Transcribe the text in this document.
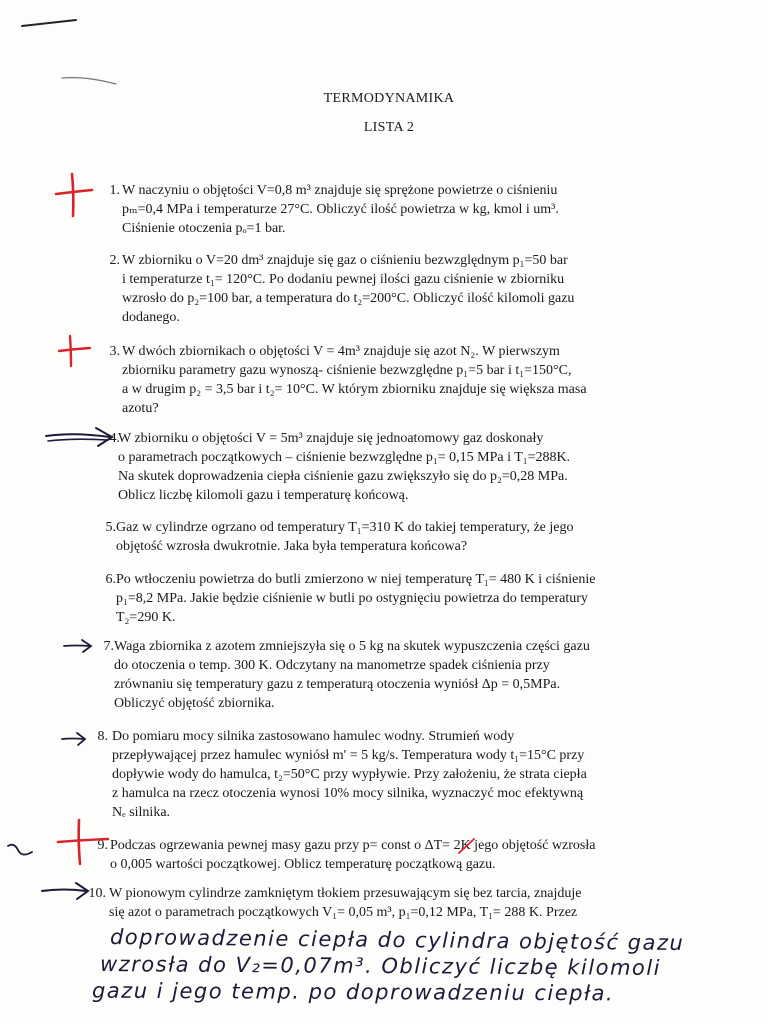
TERMODYNAMIKA
LISTA 2
1. W naczyniu o objętości V=0,8 m³ znajduje się sprężone powietrze o ciśnieniu
pₘ=0,4 MPa i temperaturze 27°C. Obliczyć ilość powietrza w kg, kmol i um³.
Ciśnienie otoczenia pₒ=1 bar.
2. W zbiorniku o V=20 dm³ znajduje się gaz o ciśnieniu bezwzględnym p₁=50 bar
i temperaturze t₁= 120°C. Po dodaniu pewnej ilości gazu ciśnienie w zbiorniku
wzrosło do p₂=100 bar, a temperatura do t₂=200°C. Obliczyć ilość kilomoli gazu
dodanego.
3. W dwóch zbiornikach o objętości V = 4m³ znajduje się azot N₂. W pierwszym
zbiorniku parametry gazu wynoszą- ciśnienie bezwzględne p₁=5 bar i t₁=150°C,
a w drugim p₂ = 3,5 bar i t₂= 10°C. W którym zbiorniku znajduje się większa masa
azotu?
4.
W zbiorniku o objętości V = 5m³ znajduje się jednoatomowy gaz doskonały
o parametrach początkowych – ciśnienie bezwzględne p₁= 0,15 MPa i T₁=288K.
Na skutek doprowadzenia ciepła ciśnienie gazu zwiększyło się do p₂=0,28 MPa.
Oblicz liczbę kilomoli gazu i temperaturę końcową.
5. Gaz w cylindrze ogrzano od temperatury T₁=310 K do takiej temperatury, że jego
objętość wzrosła dwukrotnie. Jaka była temperatura końcowa?
6. Po wtłoczeniu powietrza do butli zmierzono w niej temperaturę T₁= 480 K i ciśnienie
p₁=8,2 MPa. Jakie będzie ciśnienie w butli po ostygnięciu powietrza do temperatury
T₂=290 K.
7. Waga zbiornika z azotem zmniejszyła się o 5 kg na skutek wypuszczenia części gazu
do otoczenia o temp. 300 K. Odczytany na manometrze spadek ciśnienia przy
zrównaniu się temperatury gazu z temperaturą otoczenia wyniósł Δp = 0,5MPa.
Obliczyć objętość zbiornika.
8. Do pomiaru mocy silnika zastosowano hamulec wodny. Strumień wody
przepływającej przez hamulec wyniósł m' = 5 kg/s. Temperatura wody t₁=15°C przy
dopływie wody do hamulca, t₂=50°C przy wypływie. Przy założeniu, że strata ciepła
z hamulca na rzecz otoczenia wynosi 10% mocy silnika, wyznaczyć moc efektywną
Nₑ silnika.
9. Podczas ogrzewania pewnej masy gazu przy p= const o ΔT= 2K jego objętość wzrosła
o 0,005 wartości początkowej. Oblicz temperaturę początkową gazu.
10. W pionowym cylindrze zamkniętym tłokiem przesuwającym się bez tarcia, znajduje
się azot o parametrach początkowych V₁= 0,05 m³, p₁=0,12 MPa, T₁= 288 K. Przez
doprowadzenie ciepła do cylindra objętość gazu
wzrosła do V₂=0,07m³. Obliczyć liczbę kilomoli
gazu i jego temp. po doprowadzeniu ciepła.
